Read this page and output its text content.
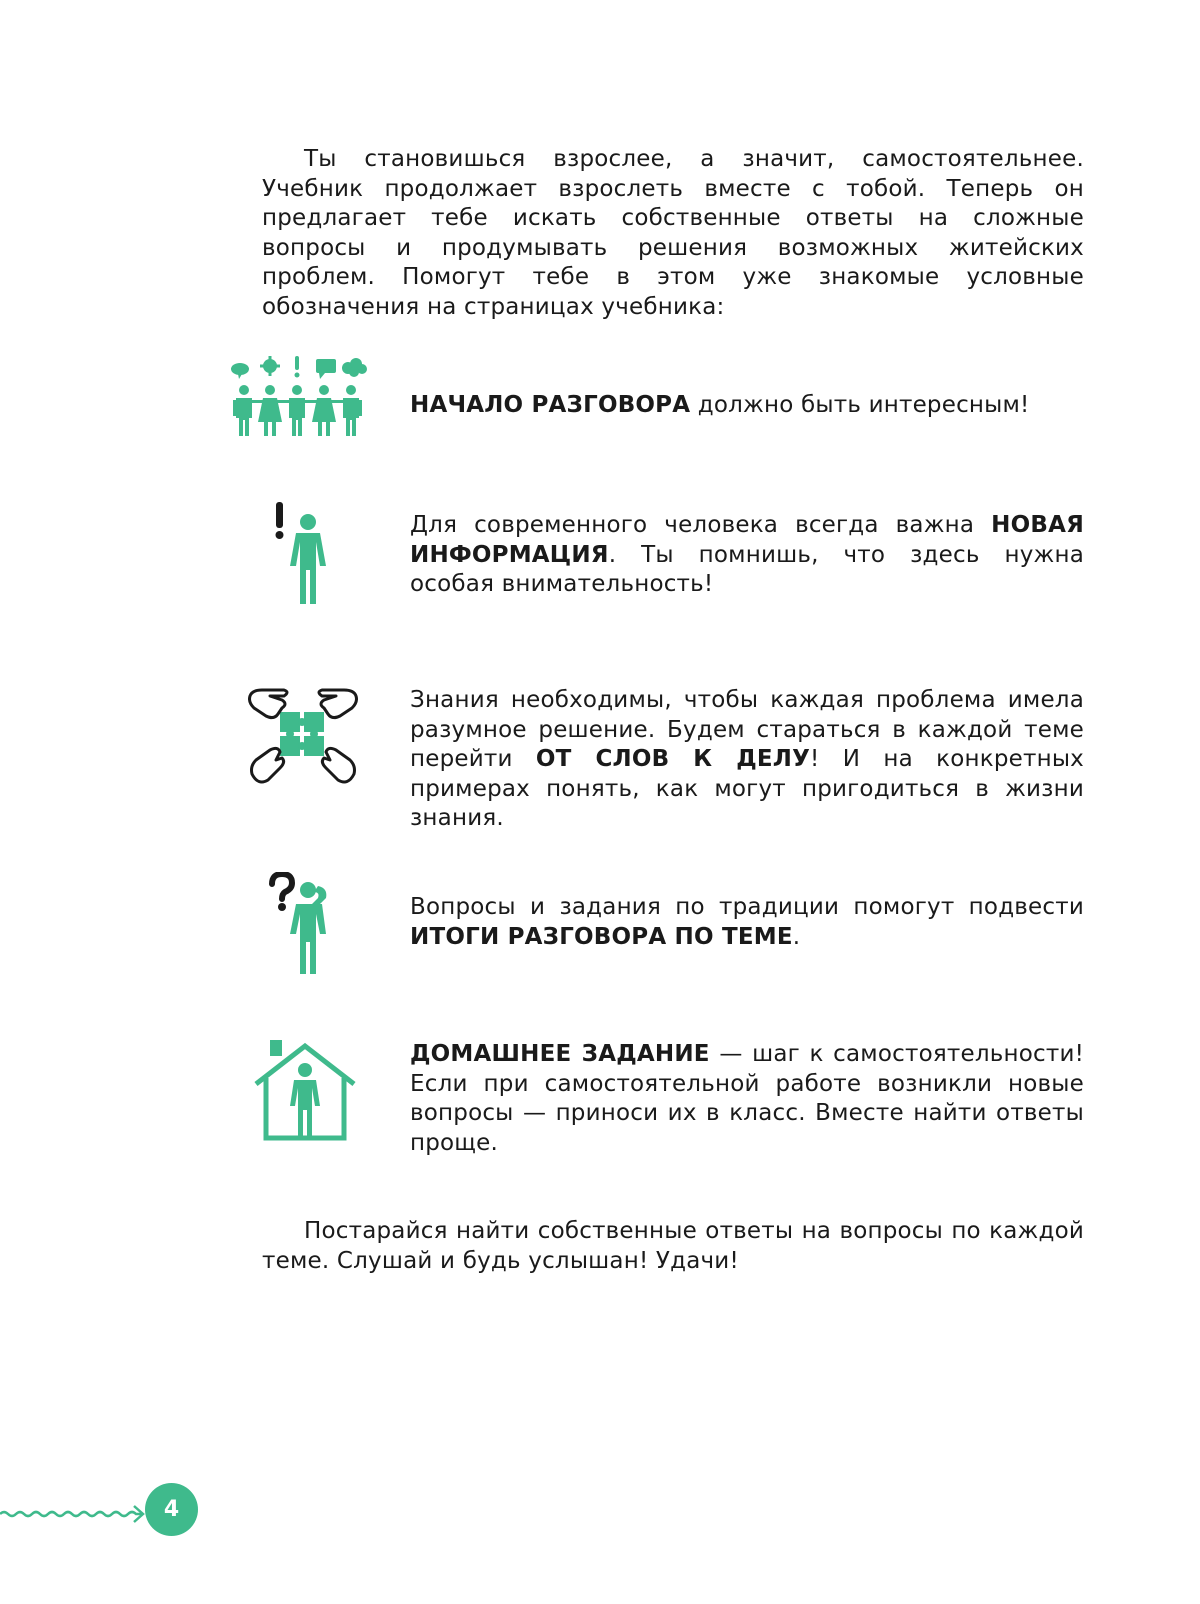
Ты становишься взрослее, а значит, самостоятельнее. Учебник продолжает взрослеть вместе с тобой. Теперь он предлагает тебе искать собственные ответы на сложные вопросы и продумывать решения возможных житейских проблем. Помогут тебе в этом уже знакомые условные обозначения на страницах учебника:

НАЧАЛО РАЗГОВОРА должно быть интересным!

Для современного человека всегда важна НОВАЯ ИНФОРМАЦИЯ. Ты помнишь, что здесь нужна особая внимательность!

Знания необходимы, чтобы каждая проблема имела разумное решение. Будем стараться в каждой теме перейти ОТ СЛОВ К ДЕЛУ! И на конкретных примерах понять, как могут пригодиться в жизни знания.

Вопросы и задания по традиции помогут подвести ИТОГИ РАЗГОВОРА ПО ТЕМЕ.

ДОМАШНЕЕ ЗАДАНИЕ — шаг к самостоятельности! Если при самостоятельной работе возникли новые вопросы — приноси их в класс. Вместе найти ответы проще.

Постарайся найти собственные ответы на вопросы по каждой теме. Слушай и будь услышан! Удачи!

4
